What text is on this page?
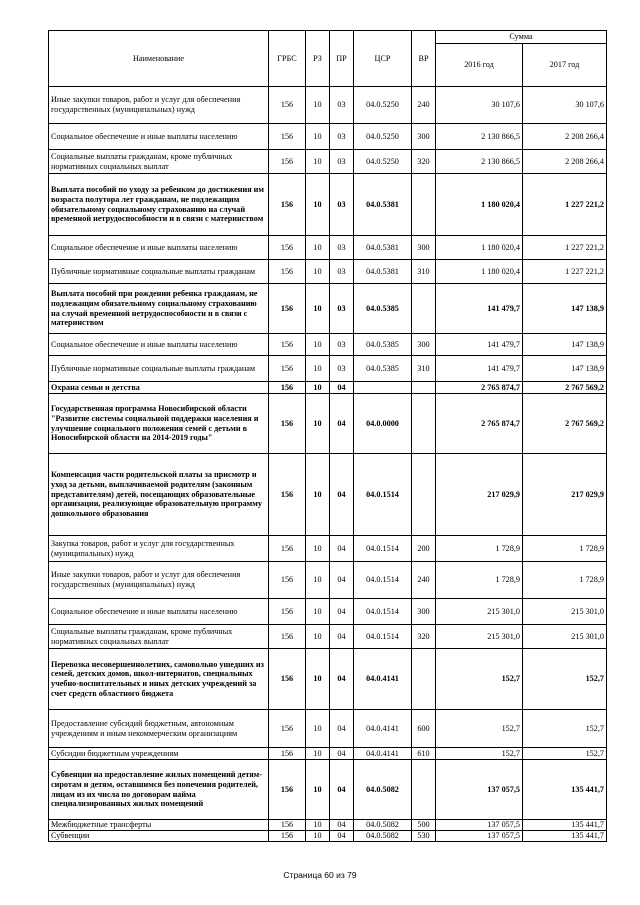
Наименование	ГРБС	РЗ	ПР	ЦСР	ВР	Сумма	
						2016 год	2017 год
Иные закупки товаров, работ и услуг для обеспечения государственных (муниципальных) нужд	156	10	03	04.0.5250	240	30 107,6	30 107,6
Социальное обеспечение и иные выплаты населению	156	10	03	04.0.5250	300	2 130 866,5	2 208 266,4
Социальные выплаты гражданам, кроме публичных нормативных социальных выплат	156	10	03	04.0.5250	320	2 130 866,5	2 208 266,4
Выплата пособий по уходу за ребенком до достижения им возраста полутора лет гражданам, не подлежащим обязательному социальному страхованию на случай временной нетрудоспособности и в связи с материнством	156	10	03	04.0.5381		1 180 020,4	1 227 221,2
Социальное обеспечение и иные выплаты населению	156	10	03	04.0.5381	300	1 180 020,4	1 227 221,2
Публичные нормативные социальные выплаты гражданам	156	10	03	04.0.5381	310	1 180 020,4	1 227 221,2
Выплата пособий при рождении ребенка гражданам, не подлежащим обязательному социальному страхованию на случай временной нетрудоспособности и в связи с материнством	156	10	03	04.0.5385		141 479,7	147 138,9
Социальное обеспечение и иные выплаты населению	156	10	03	04.0.5385	300	141 479,7	147 138,9
Публичные нормативные социальные выплаты гражданам	156	10	03	04.0.5385	310	141 479,7	147 138,9
Охрана семьи и детства	156	10	04			2 765 874,7	2 767 569,2
Государственная программа Новосибирской области "Развитие системы социальной поддержки населения и улучшение социального положения семей с детьми в Новосибирской области на 2014-2019 годы"	156	10	04	04.0.0000		2 765 874,7	2 767 569,2
Компенсация части родительской платы за присмотр и уход за детьми, выплачиваемой родителям (законным представителям) детей, посещающих образовательные организации, реализующие образовательную программу дошкольного образования	156	10	04	04.0.1514		217 029,9	217 029,9
Закупка товаров, работ и услуг для государственных (муниципальных) нужд	156	10	04	04.0.1514	200	1 728,9	1 728,9
Иные закупки товаров, работ и услуг для обеспечения государственных (муниципальных) нужд	156	10	04	04.0.1514	240	1 728,9	1 728,9
Социальное обеспечение и иные выплаты населению	156	10	04	04.0.1514	300	215 301,0	215 301,0
Социальные выплаты гражданам, кроме публичных нормативных социальных выплат	156	10	04	04.0.1514	320	215 301,0	215 301,0
Перевозка несовершеннолетних, самовольно ушедших из семей, детских домов, школ-интернатов, специальных учебно-воспитательных и иных детских учреждений за счет средств областного бюджета	156	10	04	04.0.4141		152,7	152,7
Предоставление субсидий бюджетным, автономным учреждениям и иным некоммерческим организациям	156	10	04	04.0.4141	600	152,7	152,7
Субсидии бюджетным учреждениям	156	10	04	04.0.4141	610	152,7	152,7
Субвенции на предоставление жилых помещений детям-сиротам и детям, оставшимся без попечения родителей, лицам из их числа по договорам найма специализированных жилых помещений	156	10	04	04.0.5082		137 057,5	135 441,7
Межбюджетные трансферты	156	10	04	04.0.5082	500	137 057,5	135 441,7
Субвенции	156	10	04	04.0.5082	530	137 057,5	135 441,7
Страница 60 из 79
